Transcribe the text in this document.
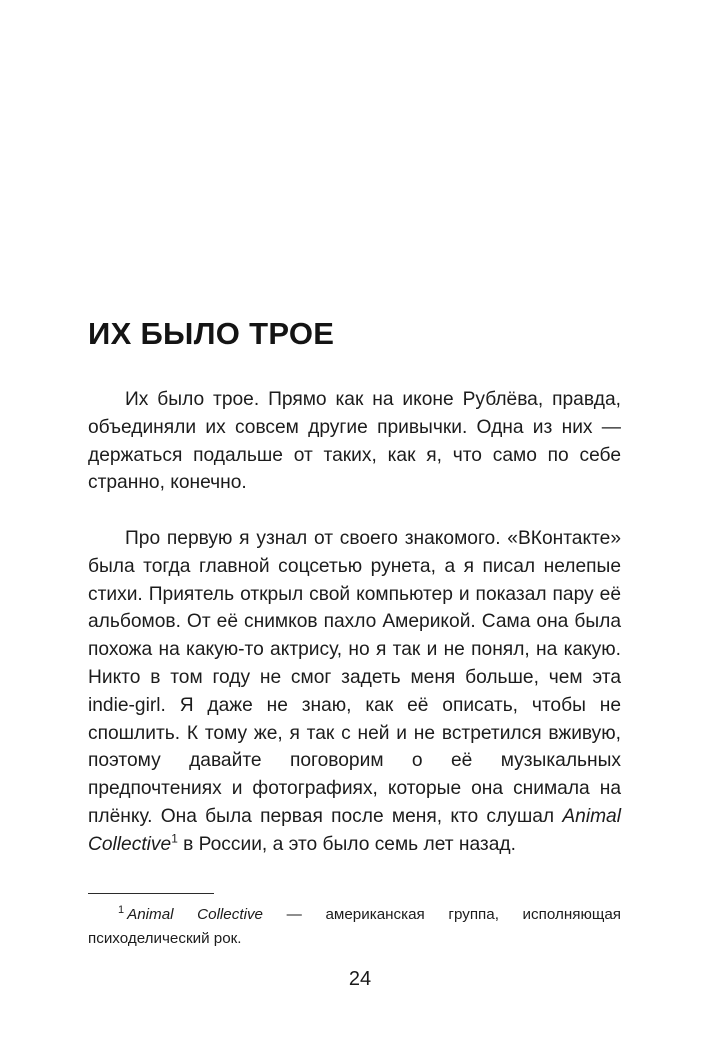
ИХ БЫЛО ТРОЕ

Их было трое. Прямо как на иконе Рублёва, правда, объединяли их совсем другие привычки. Одна из них — держаться подальше от таких, как я, что само по себе странно, конечно.

Про первую я узнал от своего знакомого. «ВКонтакте» была тогда главной соцсетью рунета, а я писал нелепые стихи. Приятель открыл свой компьютер и показал пару её альбомов. От её снимков пахло Америкой. Сама она была похожа на какую-то актрису, но я так и не понял, на какую. Никто в том году не смог задеть меня больше, чем эта indie-girl. Я даже не знаю, как её описать, чтобы не спошлить. К тому же, я так с ней и не встретился вживую, поэтому давайте поговорим о её музыкальных предпочтениях и фотографиях, которые она снимала на плёнку. Она была первая после меня, кто слушал Animal Collective$^1$ в России, а это было семь лет назад.

$^1$ Animal Collective — американская группа, исполняющая психоделический рок.

24
